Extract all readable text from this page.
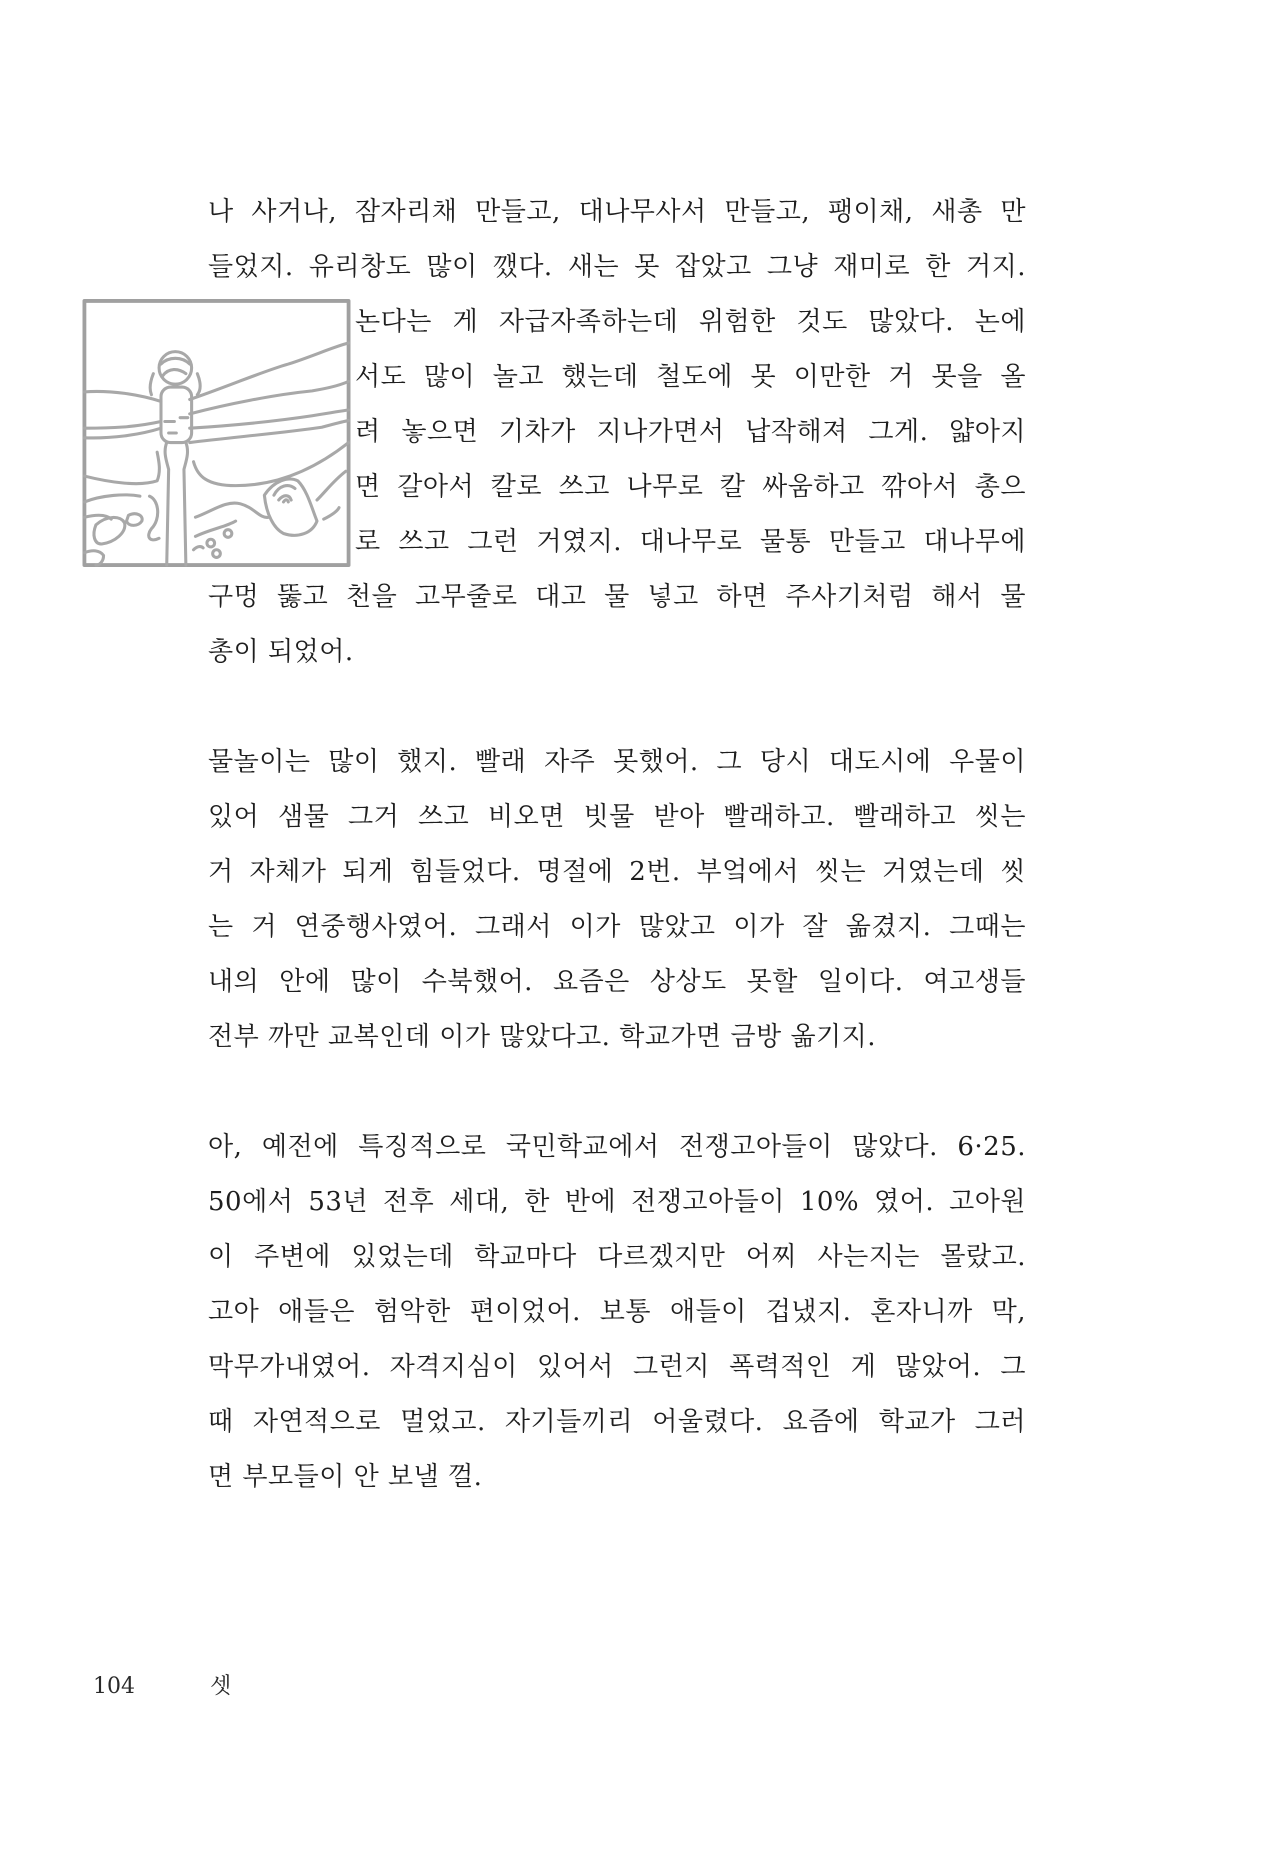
나 사거나, 잠자리채 만들고, 대나무사서 만들고, 팽이채, 새총 만
들었지. 유리창도 많이 깼다. 새는 못 잡았고 그냥 재미로 한 거지.
논다는 게 자급자족하는데 위험한 것도 많았다. 논에
서도 많이 놀고 했는데 철도에 못 이만한 거 못을 올
려 놓으면 기차가 지나가면서 납작해져 그게. 얇아지
면 갈아서 칼로 쓰고 나무로 칼 싸움하고 깎아서 총으
로 쓰고 그런 거였지. 대나무로 물통 만들고 대나무에
구멍 뚫고 천을 고무줄로 대고 물 넣고 하면 주사기처럼 해서 물
총이 되었어.
물놀이는 많이 했지. 빨래 자주 못했어. 그 당시 대도시에 우물이
있어 샘물 그거 쓰고 비오면 빗물 받아 빨래하고. 빨래하고 씻는
거 자체가 되게 힘들었다. 명절에 2번. 부엌에서 씻는 거였는데 씻
는 거 연중행사였어. 그래서 이가 많았고 이가 잘 옮겼지. 그때는
내의 안에 많이 수북했어. 요즘은 상상도 못할 일이다. 여고생들
전부 까만 교복인데 이가 많았다고. 학교가면 금방 옮기지.
아, 예전에 특징적으로 국민학교에서 전쟁고아들이 많았다. 6·25.
50에서 53년 전후 세대, 한 반에 전쟁고아들이 10% 였어. 고아원
이 주변에 있었는데 학교마다 다르겠지만 어찌 사는지는 몰랐고.
고아 애들은 험악한 편이었어. 보통 애들이 겁냈지. 혼자니까 막,
막무가내였어. 자격지심이 있어서 그런지 폭력적인 게 많았어. 그
때 자연적으로 멀었고. 자기들끼리 어울렸다. 요즘에 학교가 그러
면 부모들이 안 보낼 껄.
104	셋
